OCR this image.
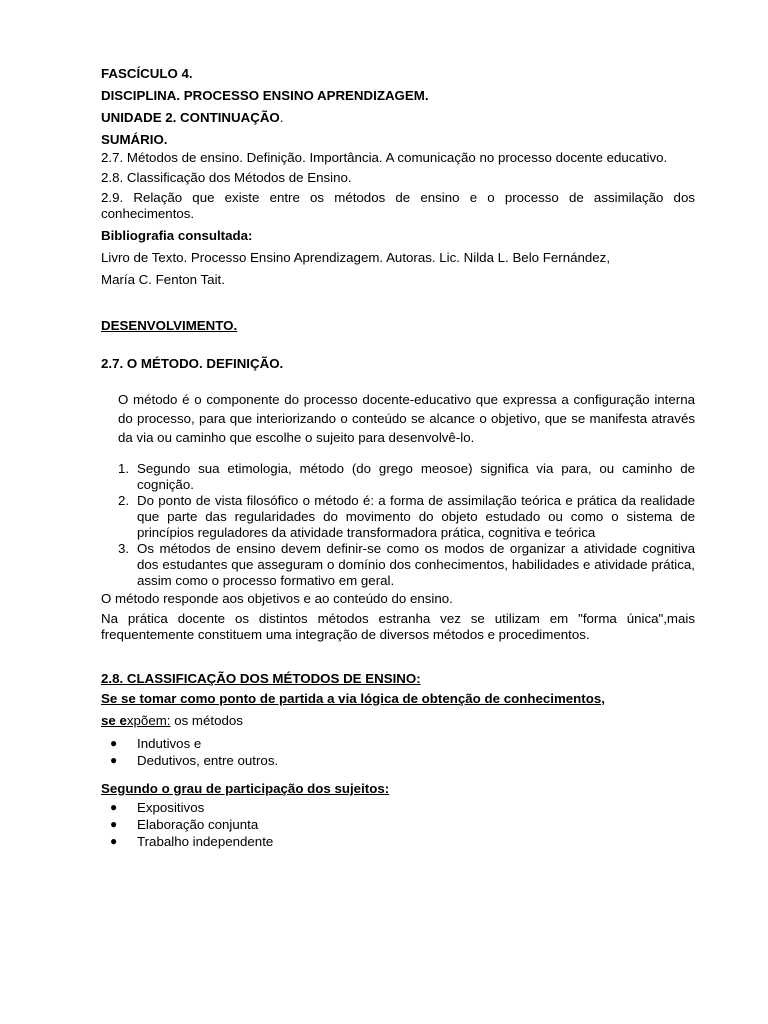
FASCÍCULO 4.

DISCIPLINA. PROCESSO ENSINO APRENDIZAGEM.

UNIDADE 2. CONTINUAÇÃO.

SUMÁRIO.

2.7. Métodos de ensino. Definição. Importância. A comunicação no processo docente educativo.
2.8. Classificação dos Métodos de Ensino.
2.9. Relação que existe entre os métodos de ensino e o processo de assimilação dos conhecimentos.

Bibliografia consultada:

Livro de Texto. Processo Ensino Aprendizagem. Autoras. Lic. Nilda L. Belo Fernández,

María C. Fenton Tait.

DESENVOLVIMENTO.

2.7. O MÉTODO. DEFINIÇÃO.

O método é o componente do processo docente-educativo que expressa a configuração interna do processo, para que interiorizando o conteúdo se alcance o objetivo, que se manifesta através da via ou caminho que escolhe o sujeito para desenvolvê-lo.

1. Segundo sua etimologia, método (do grego meosoe) significa via para, ou caminho de cognição.
2. Do ponto de vista filosófico o método é: a forma de assimilação teórica e prática da realidade que parte das regularidades do movimento do objeto estudado ou como o sistema de princípios reguladores da atividade transformadora prática, cognitiva e teórica
3. Os métodos de ensino devem definir-se como os modos de organizar a atividade cognitiva dos estudantes que asseguram o domínio dos conhecimentos, habilidades e atividade prática, assim como o processo formativo em geral.

O método responde aos objetivos e ao conteúdo do ensino.

Na prática docente os distintos métodos estranha vez se utilizam em "forma única",mais frequentemente constituem uma integração de diversos métodos e procedimentos.

2.8. CLASSIFICAÇÃO DOS MÉTODOS DE ENSINO:

Se se tomar como ponto de partida a via lógica de obtenção de conhecimentos,

se expõem: os métodos

●	Indutivos e
●	Dedutivos, entre outros.

Segundo o grau de participação dos sujeitos:

●	Expositivos
●	Elaboração conjunta
●	Trabalho independente
